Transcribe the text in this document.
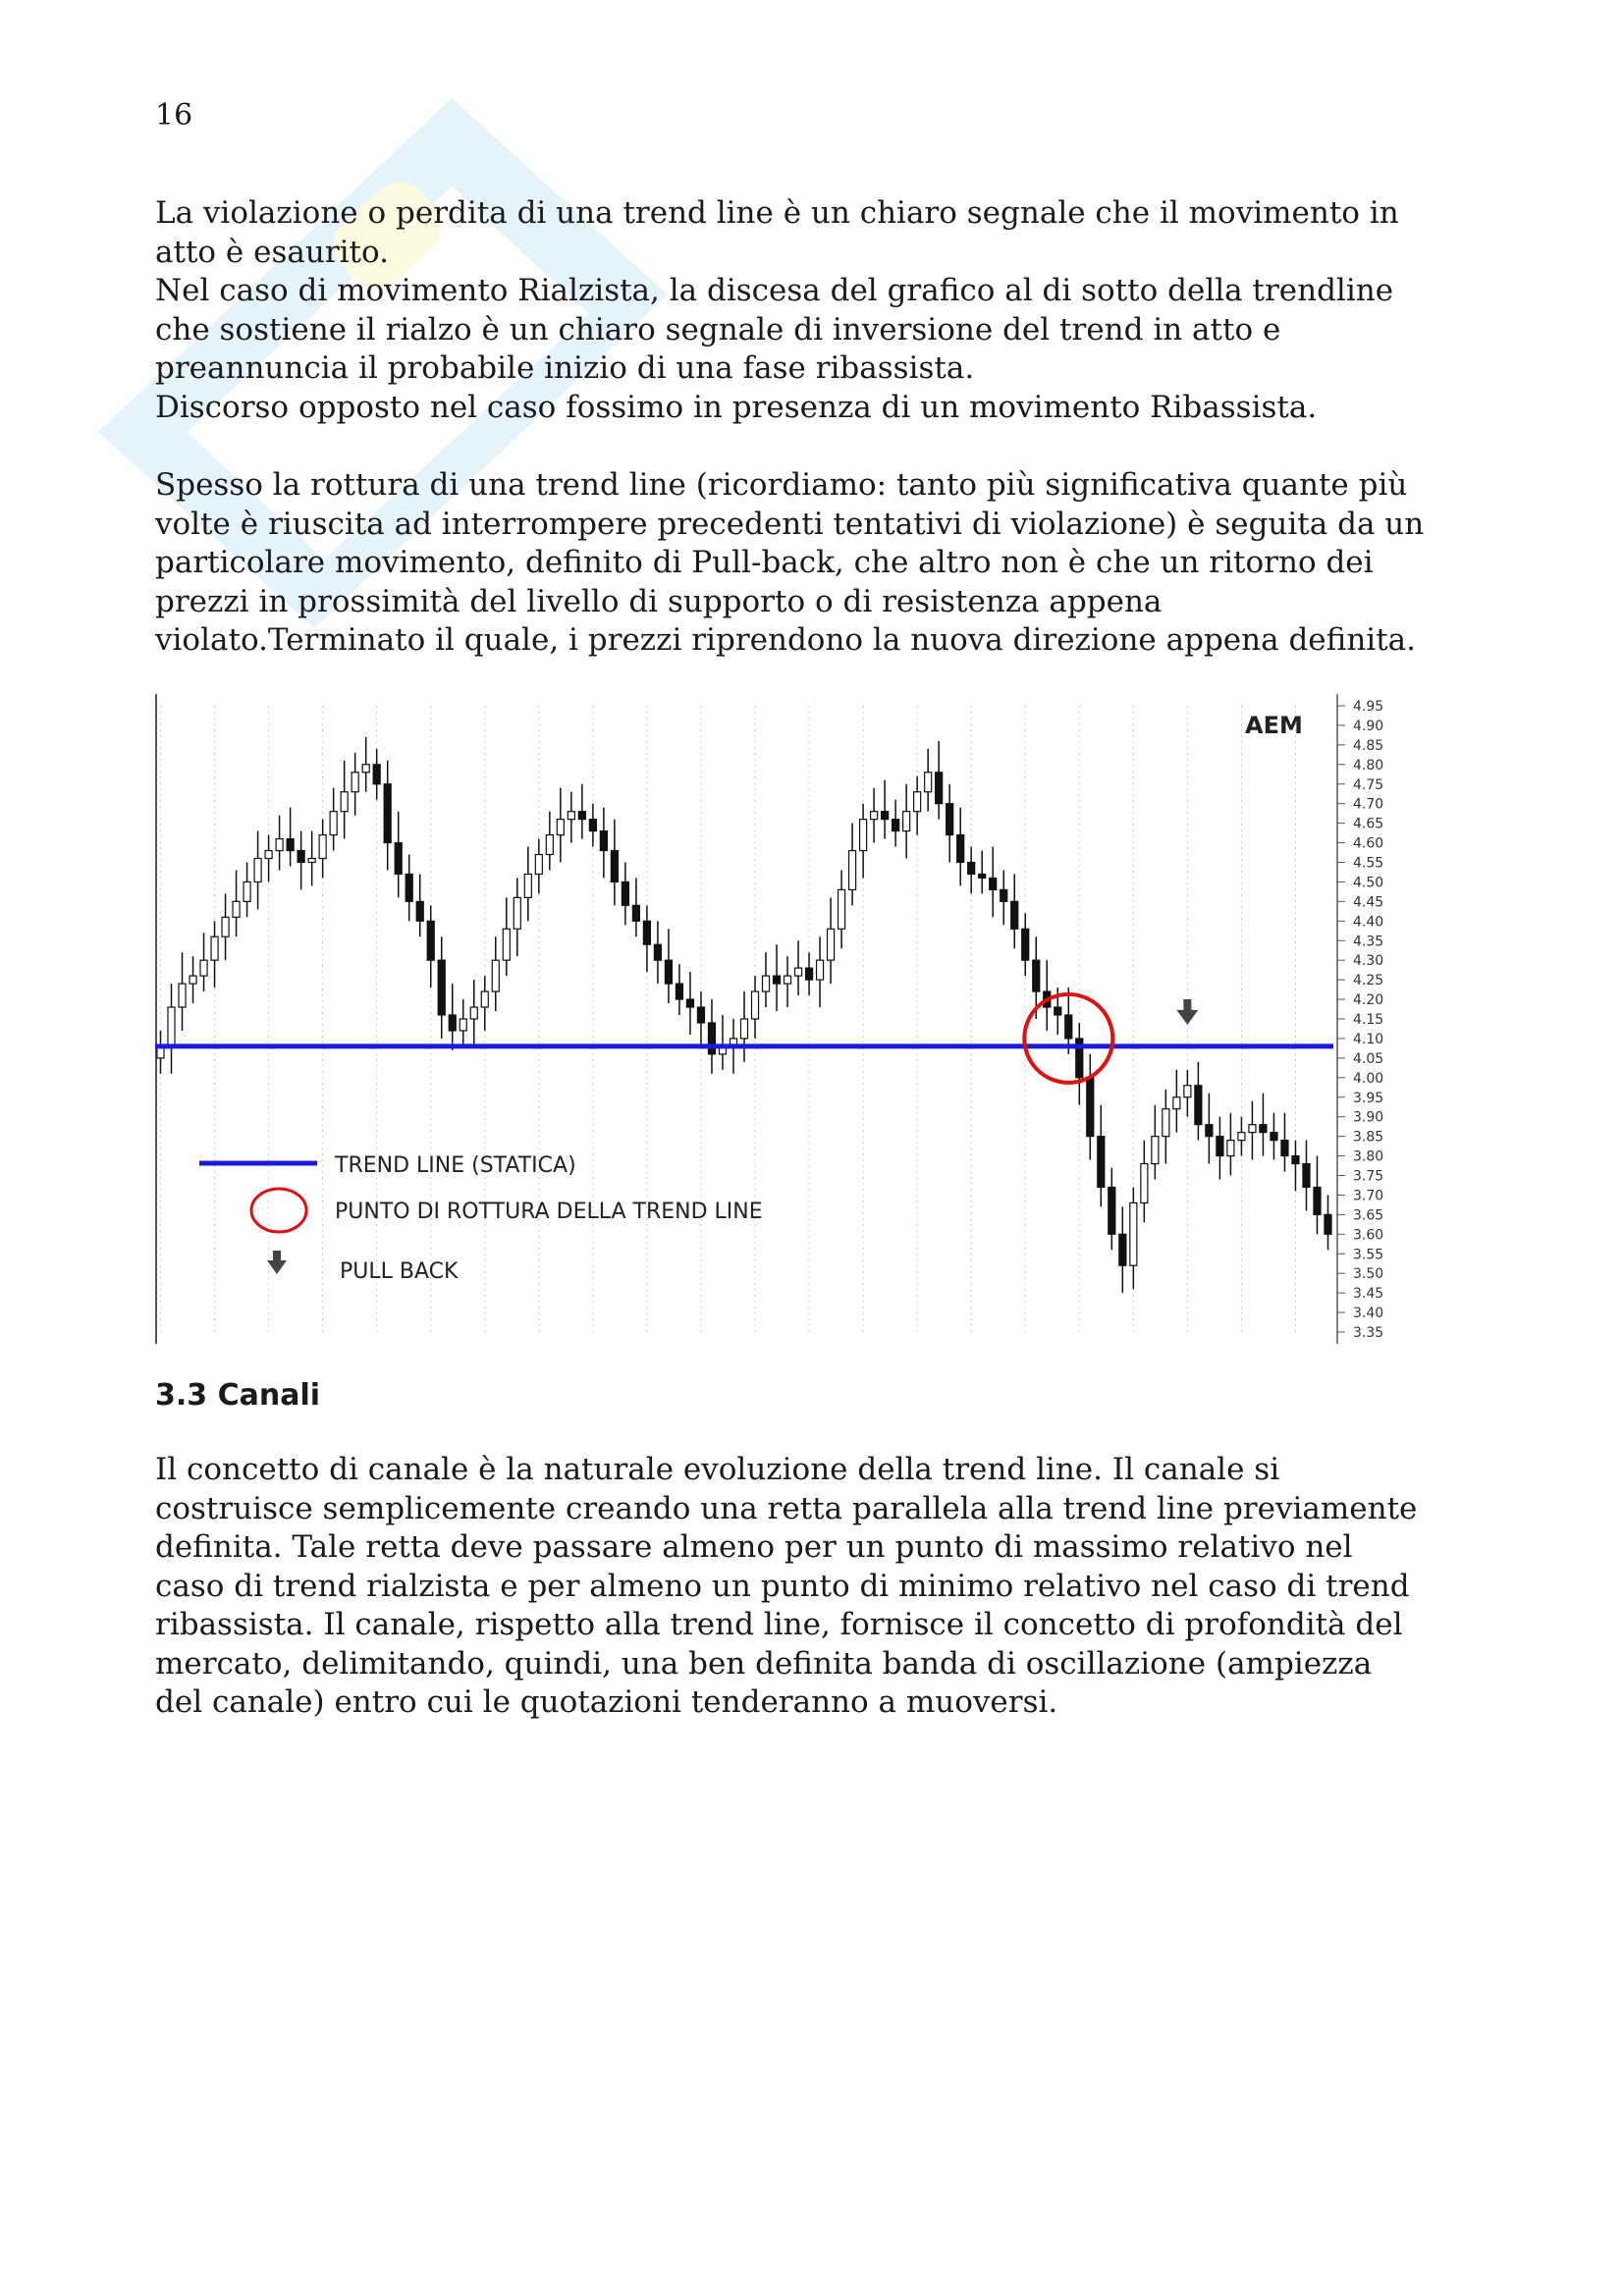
16
La violazione o perdita di una trend line è un chiaro segnale che il movimento in
atto è esaurito.
Nel caso di movimento Rialzista, la discesa del grafico al di sotto della trendline
che sostiene il rialzo è un chiaro segnale di inversione del trend in atto e
preannuncia il probabile inizio di una fase ribassista.
Discorso opposto nel caso fossimo in presenza di un movimento Ribassista.
Spesso la rottura di una trend line (ricordiamo: tanto più significativa quante più
volte è riuscita ad interrompere precedenti tentativi di violazione) è seguita da un
particolare movimento, definito di Pull-back, che altro non è che un ritorno dei
prezzi in prossimità del livello di supporto o di resistenza appena
violato.Terminato il quale, i prezzi riprendono la nuova direzione appena definita.
AEM
4.95
4.90
4.85
4.80
4.75
4.70
4.65
4.60
4.55
4.50
4.45
4.40
4.35
4.30
4.25
4.20
4.15
4.10
4.05
4.00
3.95
3.90
3.85
3.80
3.75
3.70
3.65
3.60
3.55
3.50
3.45
3.40
3.35
TREND LINE (STATICA)
PUNTO DI ROTTURA DELLA TREND LINE
PULL BACK
3.3 Canali
Il concetto di canale è la naturale evoluzione della trend line. Il canale si
costruisce semplicemente creando una retta parallela alla trend line previamente
definita. Tale retta deve passare almeno per un punto di massimo relativo nel
caso di trend rialzista e per almeno un punto di minimo relativo nel caso di trend
ribassista. Il canale, rispetto alla trend line, fornisce il concetto di profondità del
mercato, delimitando, quindi, una ben definita banda di oscillazione (ampiezza
del canale) entro cui le quotazioni tenderanno a muoversi.
